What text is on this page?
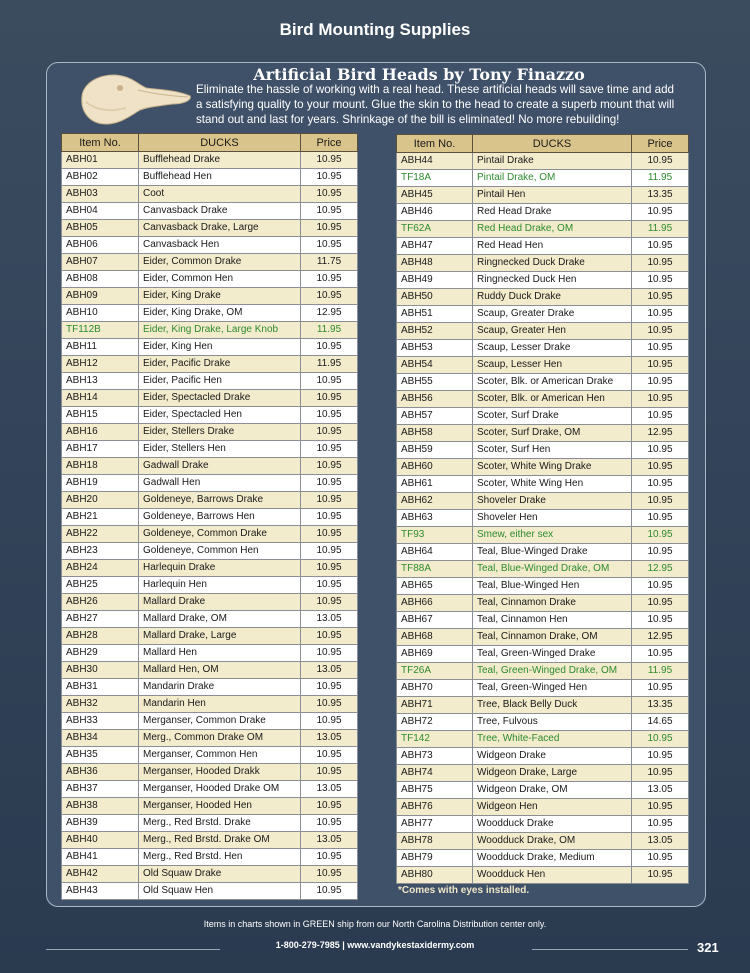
Bird Mounting Supplies
Artificial Bird Heads by Tony Finazzo
Eliminate the hassle of working with a real head. These artificial heads will save time and add a satisfying quality to your mount. Glue the skin to the head to create a superb mount that will stand out and last for years. Shrinkage of the bill is eliminated! No more rebuilding!
Item No.	DUCKS	Price
ABH01	Bufflehead Drake	10.95
ABH02	Bufflehead Hen	10.95
ABH03	Coot	10.95
ABH04	Canvasback Drake	10.95
ABH05	Canvasback Drake, Large	10.95
ABH06	Canvasback Hen	10.95
ABH07	Eider, Common Drake	11.75
ABH08	Eider, Common Hen	10.95
ABH09	Eider, King Drake	10.95
ABH10	Eider, King Drake, OM	12.95
TF112B	Eider, King Drake, Large Knob	11.95
ABH11	Eider, King Hen	10.95
ABH12	Eider, Pacific Drake	11.95
ABH13	Eider, Pacific Hen	10.95
ABH14	Eider, Spectacled Drake	10.95
ABH15	Eider, Spectacled Hen	10.95
ABH16	Eider, Stellers Drake	10.95
ABH17	Eider, Stellers Hen	10.95
ABH18	Gadwall Drake	10.95
ABH19	Gadwall Hen	10.95
ABH20	Goldeneye, Barrows Drake	10.95
ABH21	Goldeneye, Barrows Hen	10.95
ABH22	Goldeneye, Common Drake	10.95
ABH23	Goldeneye, Common Hen	10.95
ABH24	Harlequin Drake	10.95
ABH25	Harlequin Hen	10.95
ABH26	Mallard Drake	10.95
ABH27	Mallard Drake, OM	13.05
ABH28	Mallard Drake, Large	10.95
ABH29	Mallard Hen	10.95
ABH30	Mallard Hen, OM	13.05
ABH31	Mandarin Drake	10.95
ABH32	Mandarin Hen	10.95
ABH33	Merganser, Common Drake	10.95
ABH34	Merg., Common Drake OM	13.05
ABH35	Merganser, Common Hen	10.95
ABH36	Merganser, Hooded Drakk	10.95
ABH37	Merganser, Hooded Drake OM	13.05
ABH38	Merganser, Hooded Hen	10.95
ABH39	Merg., Red Brstd. Drake	10.95
ABH40	Merg., Red Brstd. Drake OM	13.05
ABH41	Merg., Red Brstd. Hen	10.95
ABH42	Old Squaw Drake	10.95
ABH43	Old Squaw Hen	10.95
Item No.	DUCKS	Price
ABH44	Pintail Drake	10.95
TF18A	Pintail Drake, OM	11.95
ABH45	Pintail Hen	13.35
ABH46	Red Head Drake	10.95
TF62A	Red Head Drake, OM	11.95
ABH47	Red Head Hen	10.95
ABH48	Ringnecked Duck Drake	10.95
ABH49	Ringnecked Duck Hen	10.95
ABH50	Ruddy Duck Drake	10.95
ABH51	Scaup, Greater Drake	10.95
ABH52	Scaup, Greater Hen	10.95
ABH53	Scaup, Lesser Drake	10.95
ABH54	Scaup, Lesser Hen	10.95
ABH55	Scoter, Blk. or American Drake	10.95
ABH56	Scoter, Blk. or American Hen	10.95
ABH57	Scoter, Surf Drake	10.95
ABH58	Scoter, Surf Drake, OM	12.95
ABH59	Scoter, Surf Hen	10.95
ABH60	Scoter, White Wing Drake	10.95
ABH61	Scoter, White Wing Hen	10.95
ABH62	Shoveler Drake	10.95
ABH63	Shoveler Hen	10.95
TF93	Smew, either sex	10.95
ABH64	Teal, Blue-Winged Drake	10.95
TF88A	Teal, Blue-Winged Drake, OM	12.95
ABH65	Teal, Blue-Winged Hen	10.95
ABH66	Teal, Cinnamon Drake	10.95
ABH67	Teal, Cinnamon Hen	10.95
ABH68	Teal, Cinnamon Drake, OM	12.95
ABH69	Teal, Green-Winged Drake	10.95
TF26A	Teal, Green-Winged Drake, OM	11.95
ABH70	Teal, Green-Winged Hen	10.95
ABH71	Tree, Black Belly Duck	13.35
ABH72	Tree, Fulvous	14.65
TF142	Tree, White-Faced	10.95
ABH73	Widgeon Drake	10.95
ABH74	Widgeon Drake, Large	10.95
ABH75	Widgeon Drake, OM	13.05
ABH76	Widgeon Hen	10.95
ABH77	Woodduck Drake	10.95
ABH78	Woodduck Drake, OM	13.05
ABH79	Woodduck Drake, Medium	10.95
ABH80	Woodduck Hen	10.95
*Comes with eyes installed.
Items in charts shown in GREEN ship from our North Carolina Distribution center only.
1-800-279-7985 | www.vandykestaxidermy.com	321
